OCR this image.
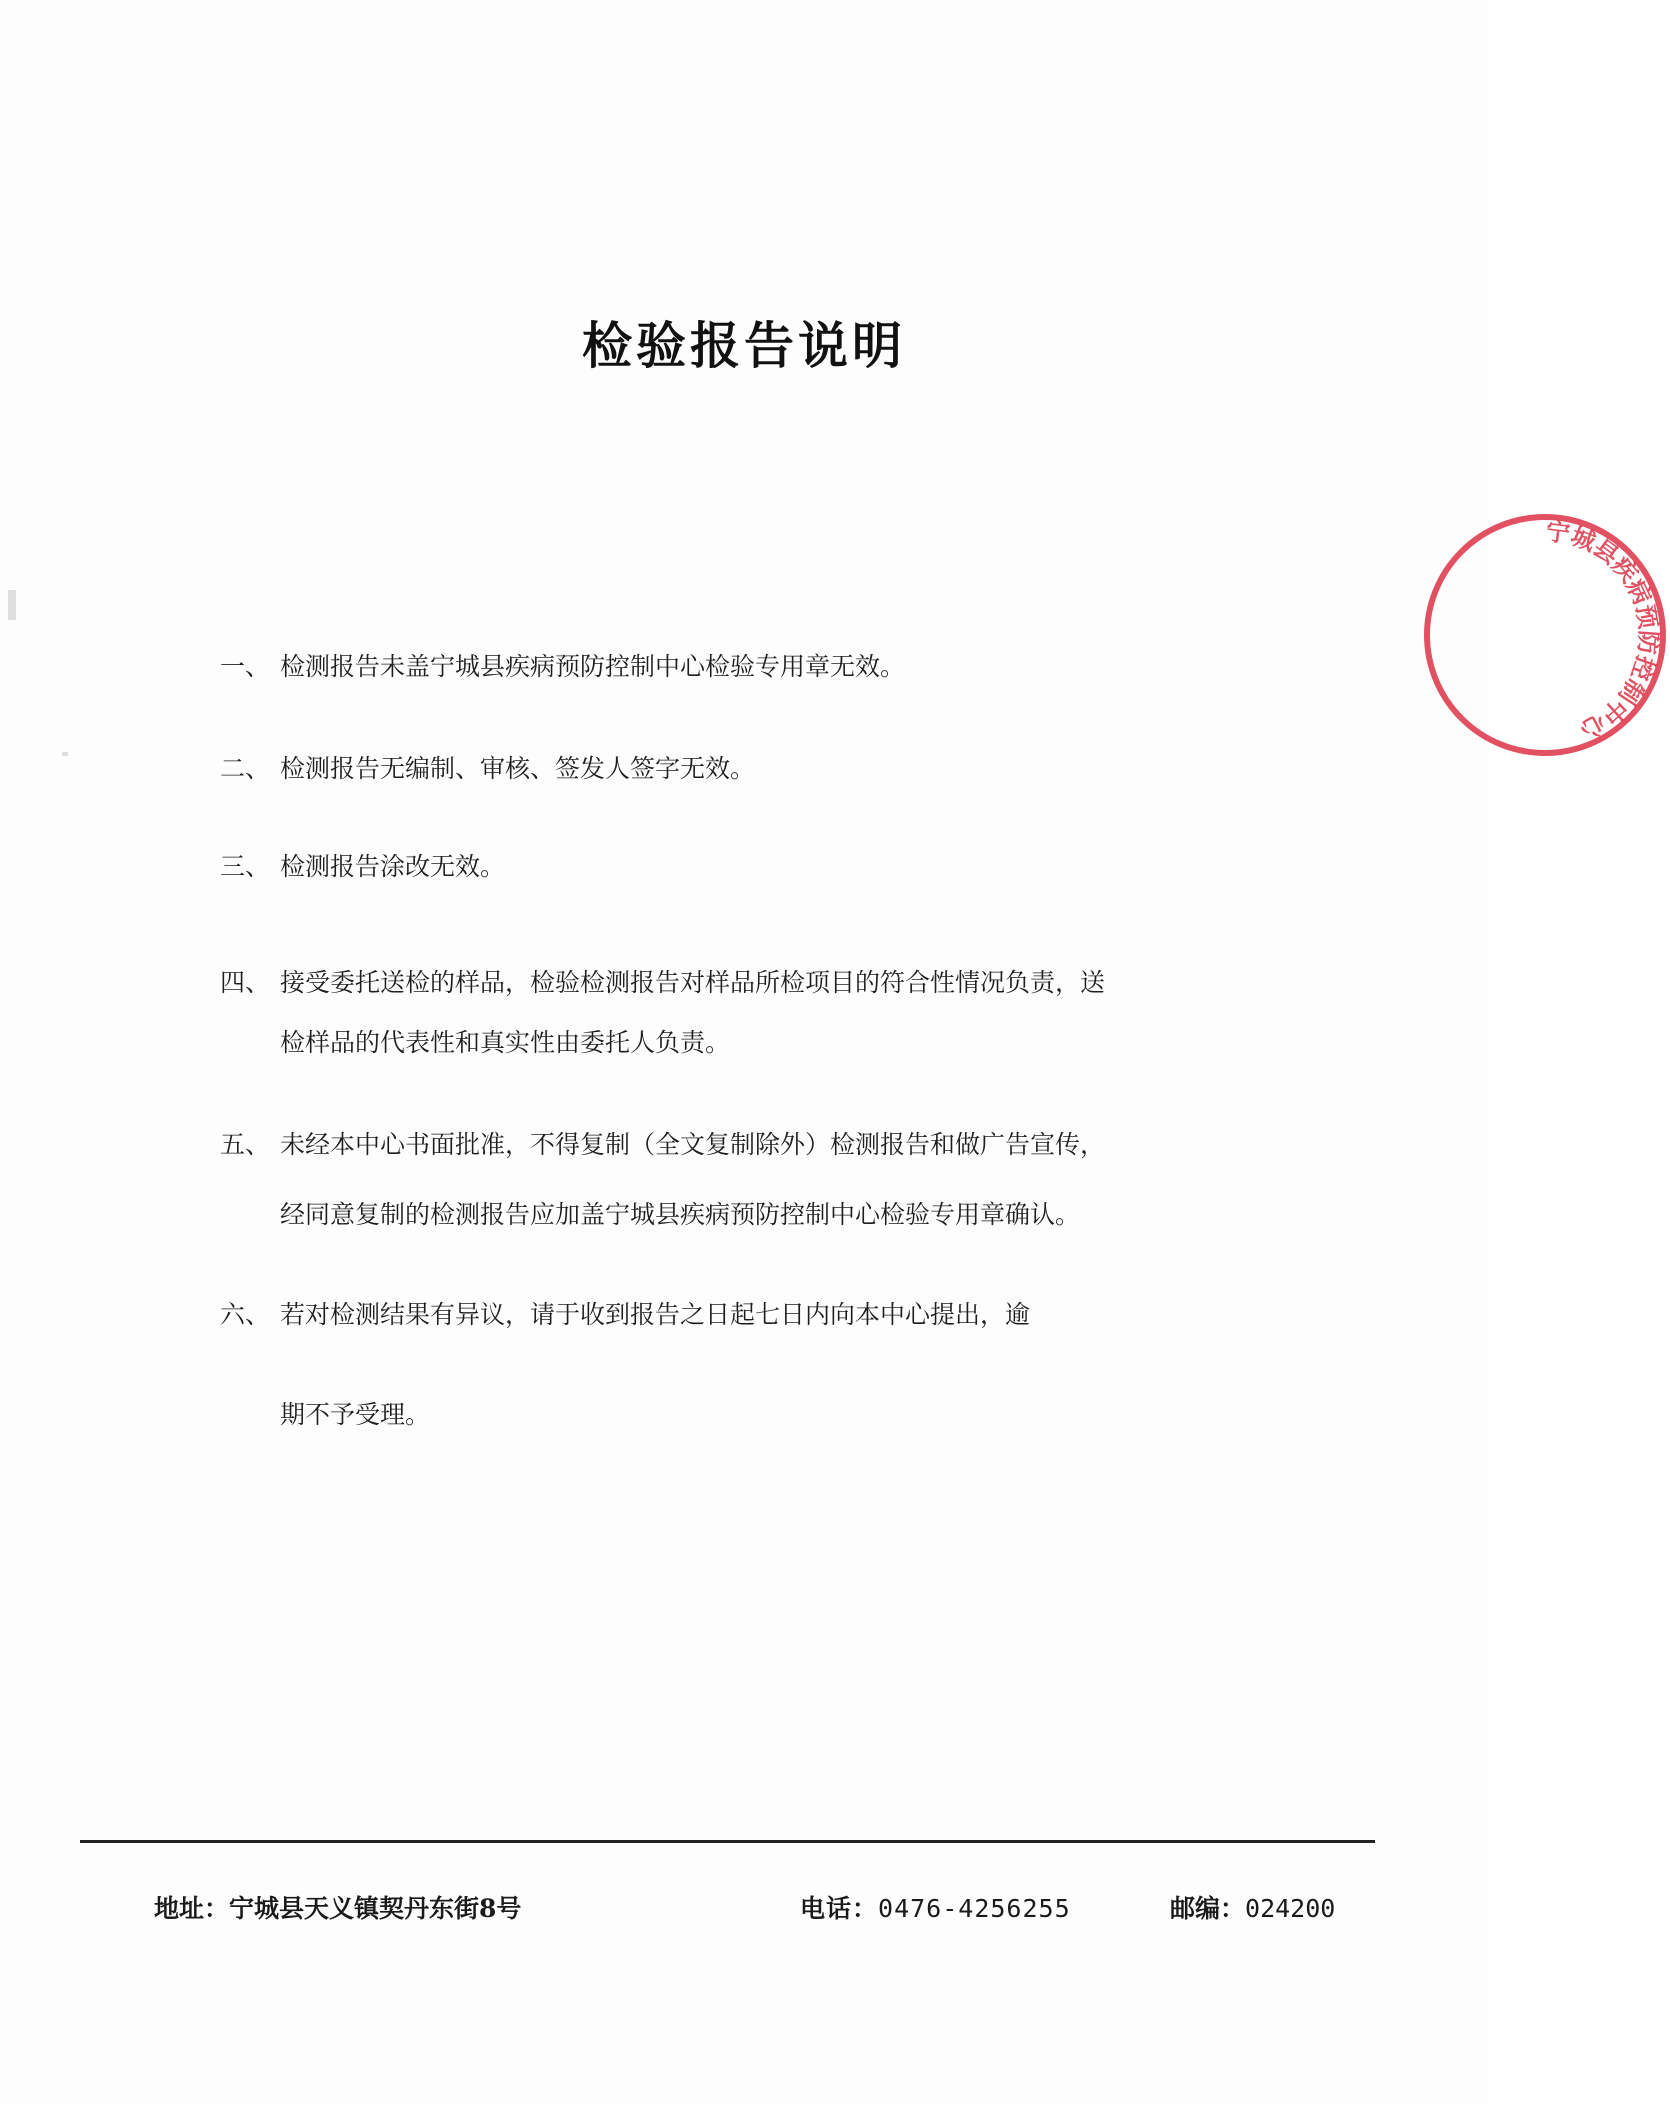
检验报告说明

一、 检测报告未盖宁城县疾病预防控制中心检验专用章无效。

二、 检测报告无编制、审核、签发人签字无效。

三、 检测报告涂改无效。

四、 接受委托送检的样品，检验检测报告对样品所检项目的符合性情况负责，送
检样品的代表性和真实性由委托人负责。

五、 未经本中心书面批准，不得复制（全文复制除外）检测报告和做广告宣传，
经同意复制的检测报告应加盖宁城县疾病预防控制中心检验专用章确认。

六、 若对检测结果有异议，请于收到报告之日起七日内向本中心提出，逾
期不予受理。

地址：宁城县天义镇契丹东街8号	电话：0476-4256255	邮编：024200
宁城县疾病预防控制中心
